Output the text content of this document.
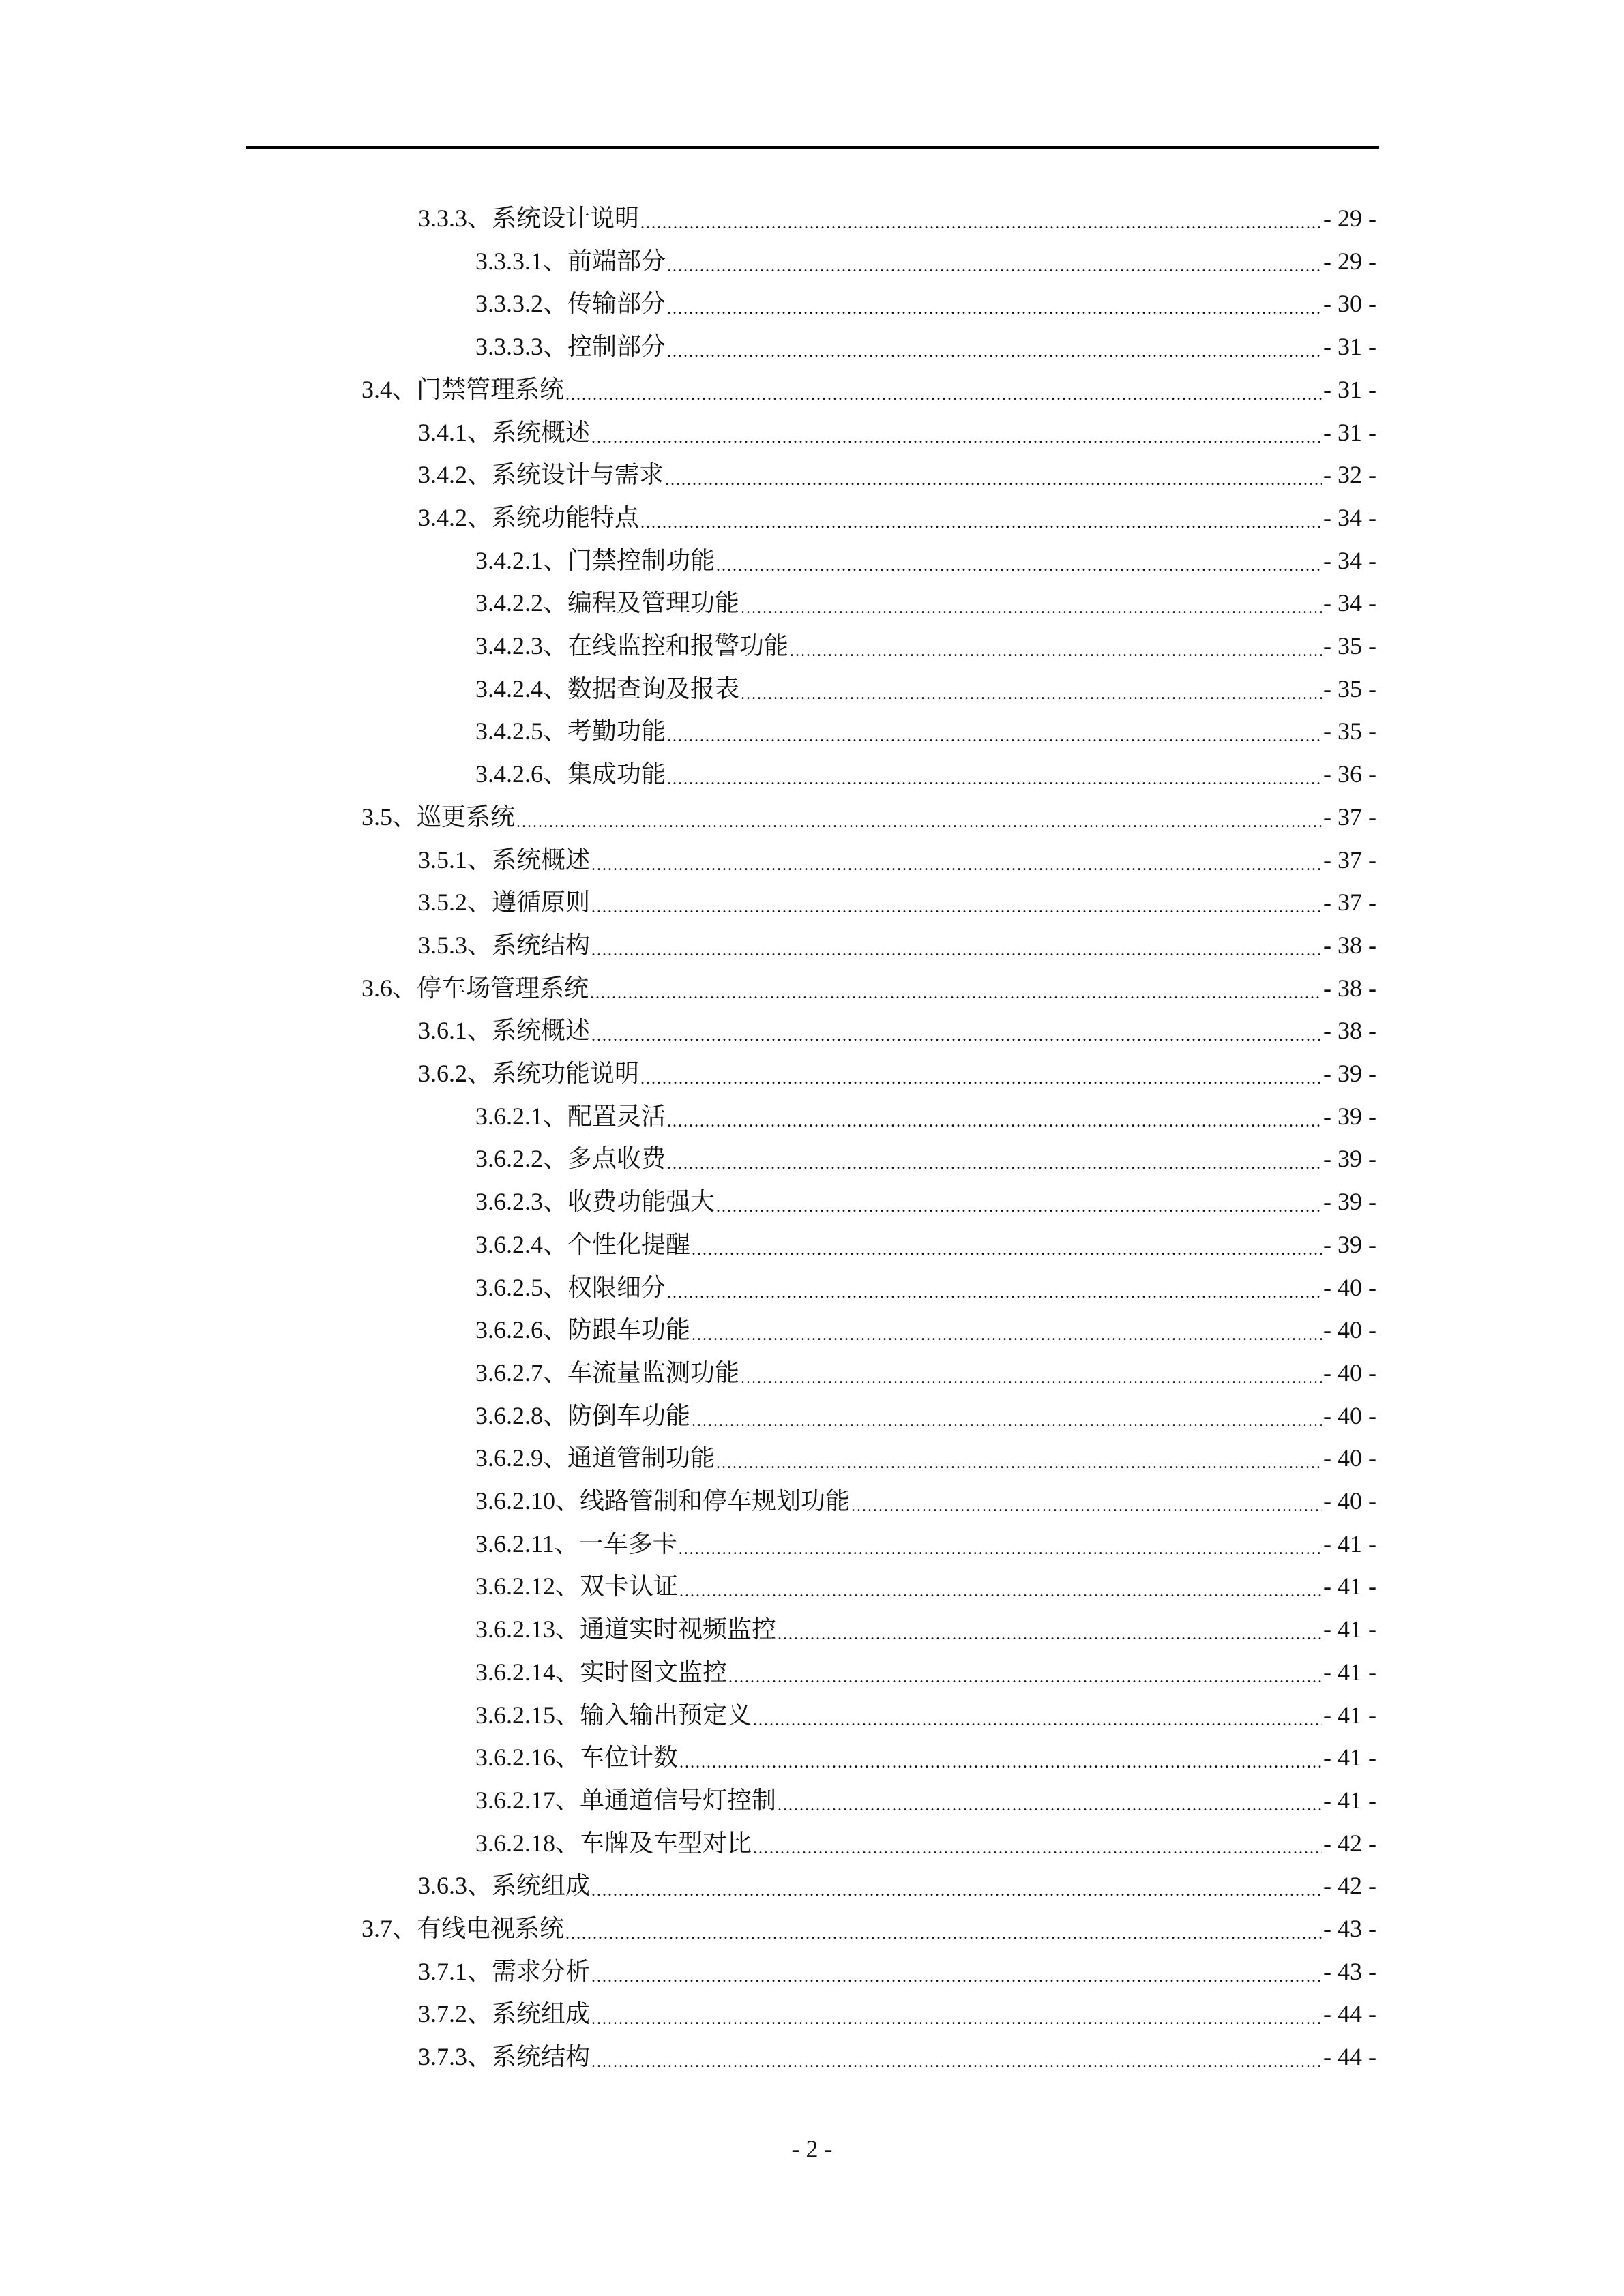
3.3.3 、 系统设计说明 .....	- 29 -
3.3.3.1 、 前端部分 .....	- 29 -
3.3.3.2 、 传输部分 .....	- 30 -
3.3.3.3 、 控制部分 .....	- 31 -
3.4 、 门禁管理系统 .....	- 31 -
3.4.1 、 系统概述 .....	- 31 -
3.4.2 、 系统设计与需求 .....	- 32 -
3.4.2 、 系统功能特点 .....	- 34 -
3.4.2.1 、 门禁控制功能 .....	- 34 -
3.4.2.2 、 编程及管理功能 .....	- 34 -
3.4.2.3 、 在线监控和报警功能 .....	- 35 -
3.4.2.4 、 数据查询及报表 .....	- 35 -
3.4.2.5 、 考勤功能 .....	- 35 -
3.4.2.6 、 集成功能 .....	- 36 -
3.5 、 巡更系统 .....	- 37 -
3.5.1 、 系统概述 .....	- 37 -
3.5.2 、 遵循原则 .....	- 37 -
3.5.3 、 系统结构 .....	- 38 -
3.6 、 停车场管理系统 .....	- 38 -
3.6.1 、 系统概述 .....	- 38 -
3.6.2 、 系统功能说明 .....	- 39 -
3.6.2.1 、 配置灵活 .....	- 39 -
3.6.2.2 、 多点收费 .....	- 39 -
3.6.2.3 、 收费功能强大 .....	- 39 -
3.6.2.4 、 个性化提醒 .....	- 39 -
3.6.2.5 、 权限细分 .....	- 40 -
3.6.2.6 、 防跟车功能 .....	- 40 -
3.6.2.7 、 车流量监测功能 .....	- 40 -
3.6.2.8 、 防倒车功能 .....	- 40 -
3.6.2.9 、 通道管制功能 .....	- 40 -
3.6.2.10 、 线路管制和停车规划功能 .....	- 40 -
3.6.2.11 、 一车多卡 .....	- 41 -
3.6.2.12 、 双卡认证 .....	- 41 -
3.6.2.13 、 通道实时视频监控 .....	- 41 -
3.6.2.14 、 实时图文监控 .....	- 41 -
3.6.2.15 、 输入输出预定义 .....	- 41 -
3.6.2.16 、 车位计数 .....	- 41 -
3.6.2.17 、 单通道信号灯控制 .....	- 41 -
3.6.2.18 、 车牌及车型对比 .....	- 42 -
3.6.3 、 系统组成 .....	- 42 -
3.7 、 有线电视系统 .....	- 43 -
3.7.1 、 需求分析 .....	- 43 -
3.7.2 、 系统组成 .....	- 44 -
3.7.3 、 系统结构 .....	- 44 -
- 2 -
